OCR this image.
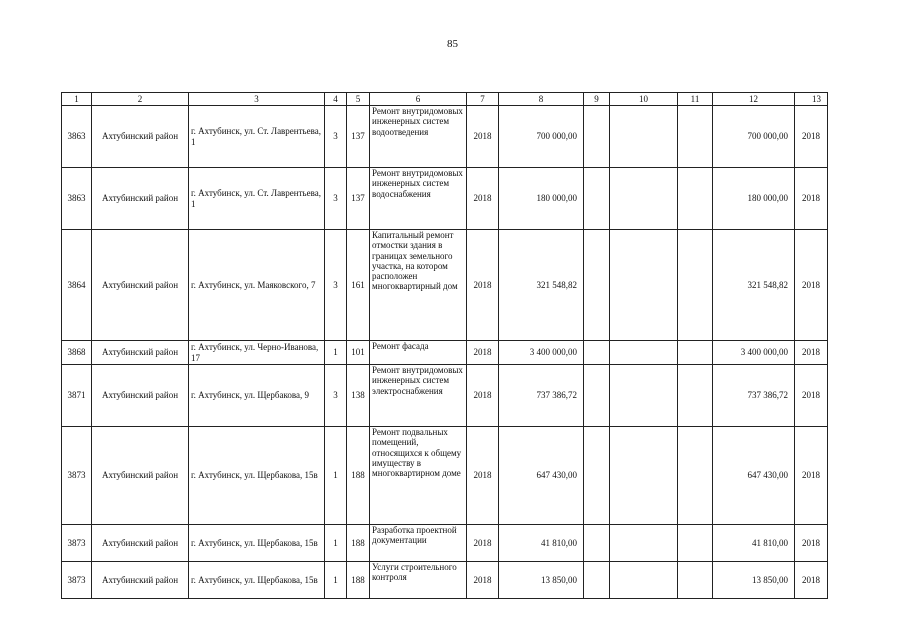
85
1	2	3	4	5	6	7	8	9	10	11	12	13
3863	Ахтубинский район	г. Ахтубинск, ул. Ст. Лаврентьева, 1	3	137	Ремонт внутридомовых инженерных систем водоотведения	2018	700 000,00				700 000,00	2018
3863	Ахтубинский район	г. Ахтубинск, ул. Ст. Лаврентьева, 1	3	137	Ремонт внутридомовых инженерных систем водоснабжения	2018	180 000,00				180 000,00	2018
3864	Ахтубинский район	г. Ахтубинск, ул. Маяковского, 7	3	161	Капитальный ремонт отмостки здания в границах земельного участка, на котором расположен многоквартирный дом	2018	321 548,82				321 548,82	2018
3868	Ахтубинский район	г. Ахтубинск, ул. Черно-Иванова, 17	1	101	Ремонт фасада	2018	3 400 000,00				3 400 000,00	2018
3871	Ахтубинский район	г. Ахтубинск, ул. Щербакова, 9	3	138	Ремонт внутридомовых инженерных систем электроснабжения	2018	737 386,72				737 386,72	2018
3873	Ахтубинский район	г. Ахтубинск, ул. Щербакова, 15в	1	188	Ремонт подвальных помещений, относящихся к общему имуществу в многоквартирном доме	2018	647 430,00				647 430,00	2018
3873	Ахтубинский район	г. Ахтубинск, ул. Щербакова, 15в	1	188	Разработка проектной документации	2018	41 810,00				41 810,00	2018
3873	Ахтубинский район	г. Ахтубинск, ул. Щербакова, 15в	1	188	Услуги строительного контроля	2018	13 850,00				13 850,00	2018
